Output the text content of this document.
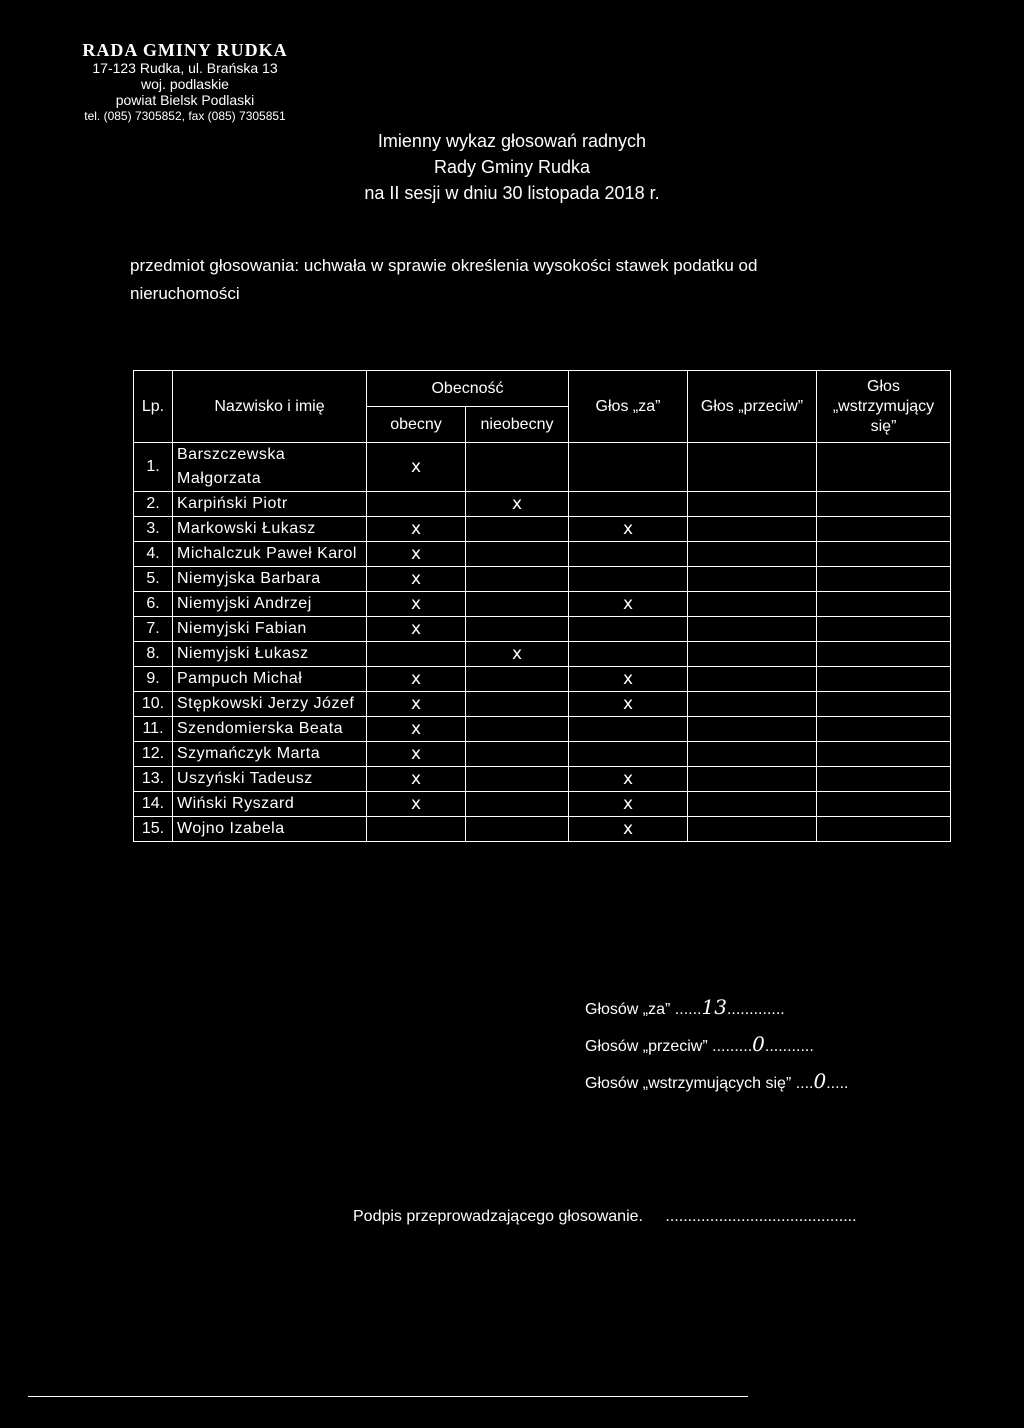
RADA GMINY RUDKA
17-123 Rudka, ul. Brańska 13
woj. podlaskie
powiat Bielsk Podlaski
tel. (085) 7305852, fax (085) 7305851
Imienny wykaz głosowań radnych
Rady Gminy Rudka
na II sesji w dniu 30 listopada 2018 r.
przedmiot głosowania: uchwała w sprawie określenia wysokości stawek podatku od nieruchomości
Lp.	Nazwisko i imię	Obecność		Głos „za”	Głos „przeciw”	Głos „wstrzymujący się”
		obecny	nieobecny			
1.	Barszczewska Małgorzata	x				
2.	Karpiński Piotr		x			
3.	Markowski Łukasz	x		x		
4.	Michalczuk Paweł Karol	x				
5.	Niemyjska Barbara	x				
6.	Niemyjski Andrzej	x		x		
7.	Niemyjski Fabian	x				
8.	Niemyjski Łukasz		x			
9.	Pampuch Michał	x		x		
10.	Stępkowski Jerzy Józef	x		x		
11.	Szendomierska Beata	x				
12.	Szymańczyk Marta	x				
13.	Uszyński Tadeusz	x		x		
14.	Wiński Ryszard	x		x		
15.	Wojno Izabela			x		
Głosów „za” ......13.............
Głosów „przeciw” .........0...........
Głosów „wstrzymujących się” ....0.....
Podpis przeprowadzającego głosowanie. ...........................................
